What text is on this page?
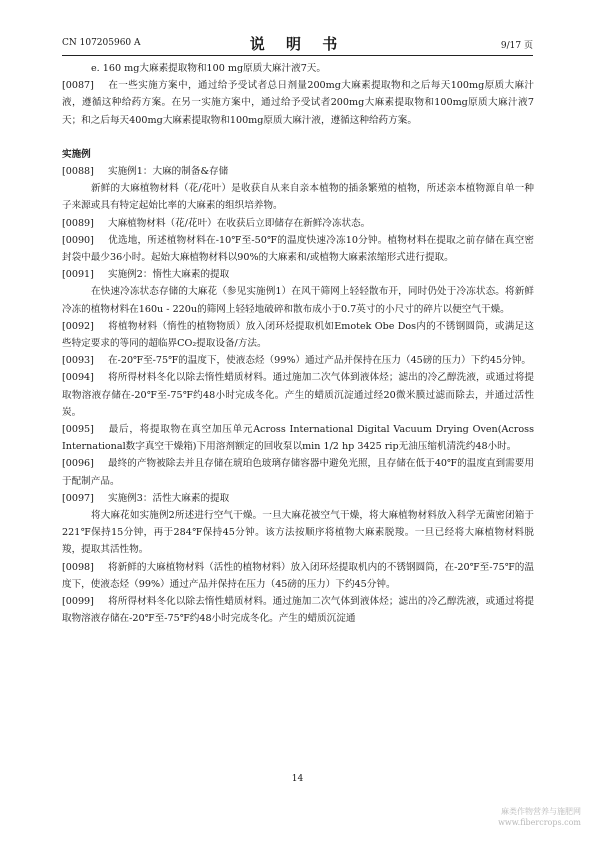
CN 107205960 A	说 明 书	9/17 页
e. 160 mg大麻素提取物和100 mg原质大麻汁液7天。
[0087] 在一些实施方案中，通过给予受试者总日剂量200mg大麻素提取物和之后每天100mg原质大麻汁液，遵循这种给药方案。在另一实施方案中，通过给予受试者200mg大麻素提取物和100mg原质大麻汁液7天；和之后每天400mg大麻素提取物和100mg原质大麻汁液，遵循这种给药方案。
实施例
[0088] 实施例1：大麻的制备&存储
新鲜的大麻植物材料（花/花叶）是收获自从来自亲本植物的插条繁殖的植物，所述亲本植物源自单一种子来源或具有特定起始比率的大麻素的组织培养物。
[0089] 大麻植物材料（花/花叶）在收获后立即储存在新鲜冷冻状态。
[0090] 优选地，所述植物材料在-10℉至-50℉的温度快速冷冻10分钟。植物材料在提取之前存储在真空密封袋中最少36小时。起始大麻植物材料以90%的大麻素和/或植物大麻素浓缩形式进行提取。
[0091] 实施例2：惰性大麻素的提取
在快速冷冻状态存储的大麻花（参见实施例1）在风干筛网上轻轻散布开，同时仍处于冷冻状态。将新鲜冷冻的植物材料在160u - 220u的筛网上轻轻地破碎和散布成小于0.7英寸的小尺寸的碎片以便空气干燥。
[0092] 将植物材料（惰性的植物物质）放入闭环烃提取机如Emotek Obe Dos内的不锈钢圆筒，或满足这些特定要求的等同的超临界CO₂提取设备/方法。
[0093] 在-20℉至-75℉的温度下，使液态烃（99%）通过产品并保持在压力（45磅的压力）下约45分钟。
[0094] 将所得材料冬化以除去惰性蜡质材料。通过施加二次气体到液体烃；滤出的冷乙醇洗液，或通过将提取物溶液存储在-20℉至-75℉约48小时完成冬化。产生的蜡质沉淀通过经20微米膜过滤而除去，并通过活性炭。
[0095] 最后，将提取物在真空加压单元Across International Digital Vacuum Drying Oven(Across International数字真空干燥箱)下用溶剂额定的回收泵以min 1/2 hp 3425 rip无油压缩机清洗约48小时。
[0096] 最终的产物被除去并且存储在琥珀色玻璃存储容器中避免光照，且存储在低于40℉的温度直到需要用于配制产品。
[0097] 实施例3：活性大麻素的提取
将大麻花如实施例2所述进行空气干燥。一旦大麻花被空气干燥，将大麻植物材料放入科学无菌密闭箱于221℉保持15分钟，再于284℉保持45分钟。该方法按顺序将植物大麻素脱羧。一旦已经将大麻植物材料脱羧，提取其活性物。
[0098] 将新鲜的大麻植物材料（活性的植物材料）放入闭环烃提取机内的不锈钢圆筒，在-20℉至-75℉的温度下，使液态烃（99%）通过产品并保持在压力（45磅的压力）下约45分钟。
[0099] 将所得材料冬化以除去惰性蜡质材料。通过施加二次气体到液体烃；滤出的冷乙醇洗液，或通过将提取物溶液存储在-20℉至-75℉约48小时完成冬化。产生的蜡质沉淀通
14
麻类作物营养与施肥网
www.fibercrops.com
